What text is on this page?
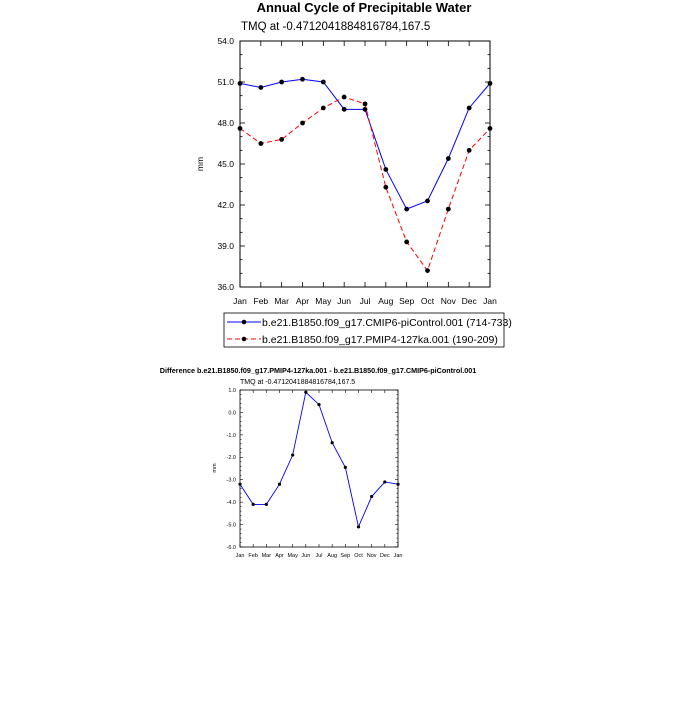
Annual Cycle of Precipitable Water
TMQ at -0.4712041884816784,167.5
mm
Jan Feb Mar Apr May Jun Jul Aug Sep Oct Nov Dec Jan
36.0
39.0
42.0
45.0
48.0
51.0
54.0
b.e21.B1850.f09_g17.CMIP6-piControl.001 (714-733)
b.e21.B1850.f09_g17.PMIP4-127ka.001 (190-209)
Difference b.e21.B1850.f09_g17.PMIP4-127ka.001 - b.e21.B1850.f09_g17.CMIP6-piControl.001
TMQ at -0.4712041884816784,167.5
mm
Jan Feb Mar Apr May Jun Jul Aug Sep Oct Nov Dec Jan
-6.0
-5.0
-4.0
-3.0
-2.0
-1.0
0.0
1.0
